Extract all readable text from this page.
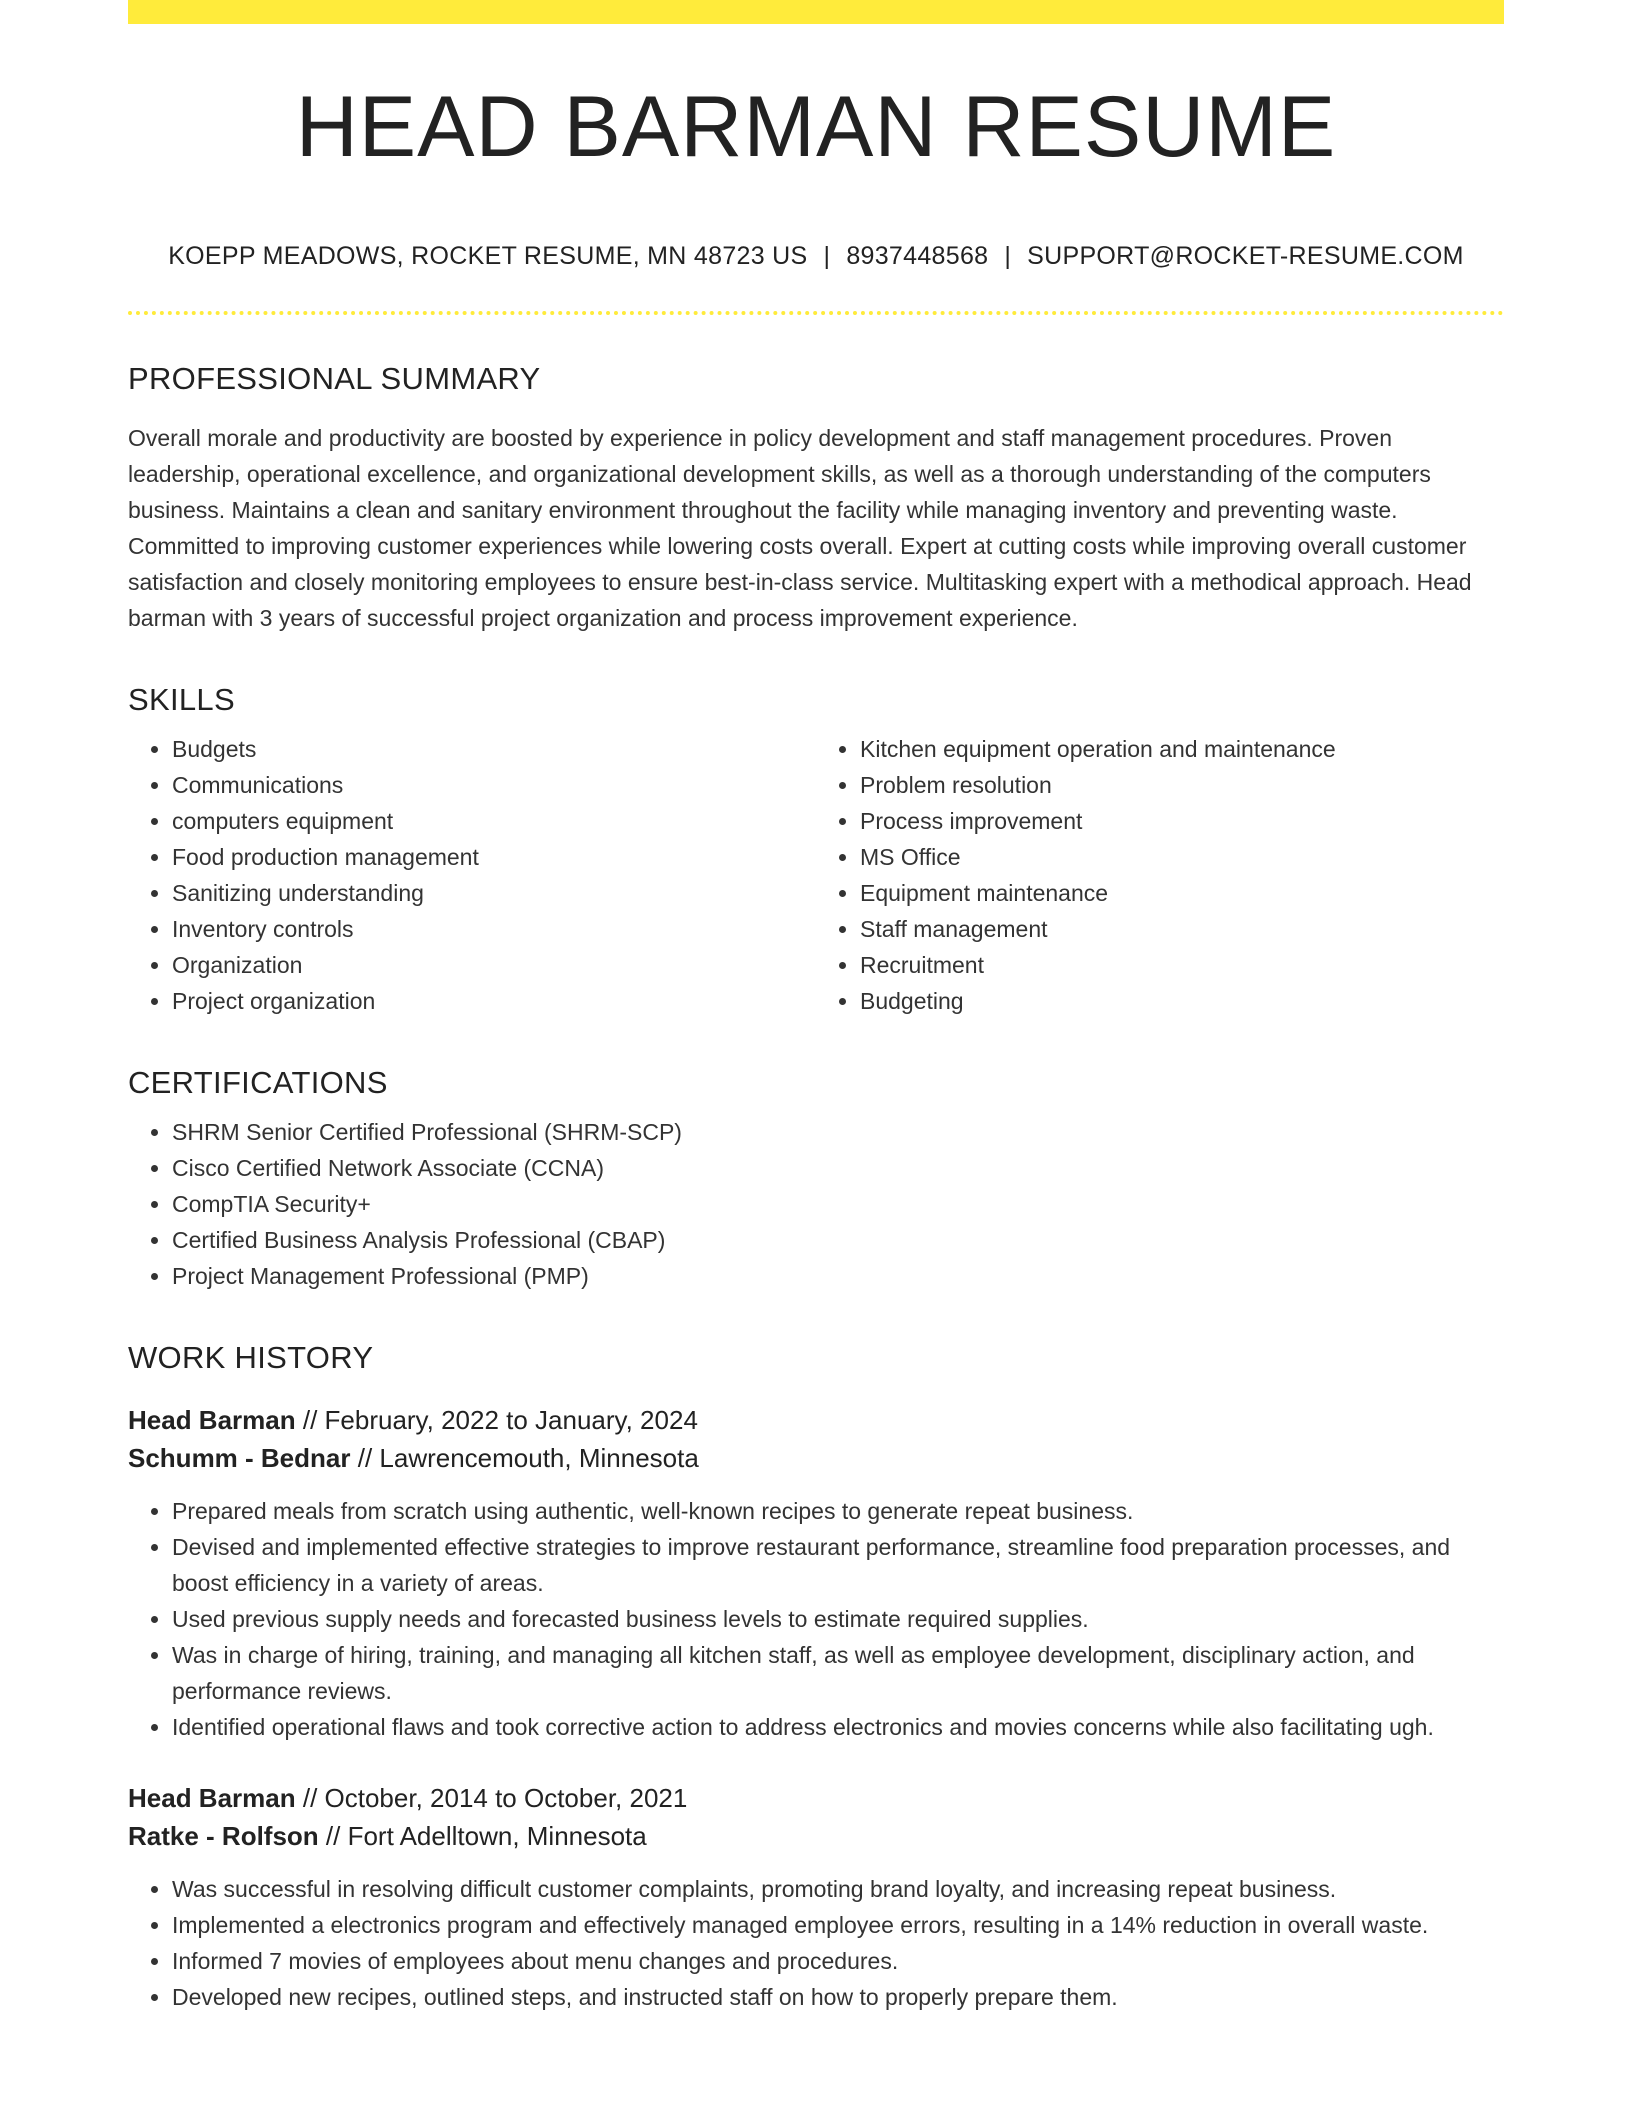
HEAD BARMAN RESUME
KOEPP MEADOWS, ROCKET RESUME, MN 48723 US | 8937448568 | SUPPORT@ROCKET-RESUME.COM
PROFESSIONAL SUMMARY

Overall morale and productivity are boosted by experience in policy development and staff management procedures. Proven leadership, operational excellence, and organizational development skills, as well as a thorough understanding of the computers business. Maintains a clean and sanitary environment throughout the facility while managing inventory and preventing waste. Committed to improving customer experiences while lowering costs overall. Expert at cutting costs while improving overall customer satisfaction and closely monitoring employees to ensure best-in-class service. Multitasking expert with a methodical approach. Head barman with 3 years of successful project organization and process improvement experience.

SKILLS
• Budgets
• Communications
• computers equipment
• Food production management
• Sanitizing understanding
• Inventory controls
• Organization
• Project organization
• Kitchen equipment operation and maintenance
• Problem resolution
• Process improvement
• MS Office
• Equipment maintenance
• Staff management
• Recruitment
• Budgeting
CERTIFICATIONS
• SHRM Senior Certified Professional (SHRM-SCP)
• Cisco Certified Network Associate (CCNA)
• CompTIA Security+
• Certified Business Analysis Professional (CBAP)
• Project Management Professional (PMP)
WORK HISTORY
Head Barman // February, 2022 to January, 2024
Schumm - Bednar // Lawrencemouth, Minnesota
• Prepared meals from scratch using authentic, well-known recipes to generate repeat business.
• Devised and implemented effective strategies to improve restaurant performance, streamline food preparation processes, and boost efficiency in a variety of areas.
• Used previous supply needs and forecasted business levels to estimate required supplies.
• Was in charge of hiring, training, and managing all kitchen staff, as well as employee development, disciplinary action, and performance reviews.
• Identified operational flaws and took corrective action to address electronics and movies concerns while also facilitating ugh.
Head Barman // October, 2014 to October, 2021
Ratke - Rolfson // Fort Adelltown, Minnesota
• Was successful in resolving difficult customer complaints, promoting brand loyalty, and increasing repeat business.
• Implemented a electronics program and effectively managed employee errors, resulting in a 14% reduction in overall waste.
• Informed 7 movies of employees about menu changes and procedures.
• Developed new recipes, outlined steps, and instructed staff on how to properly prepare them.
